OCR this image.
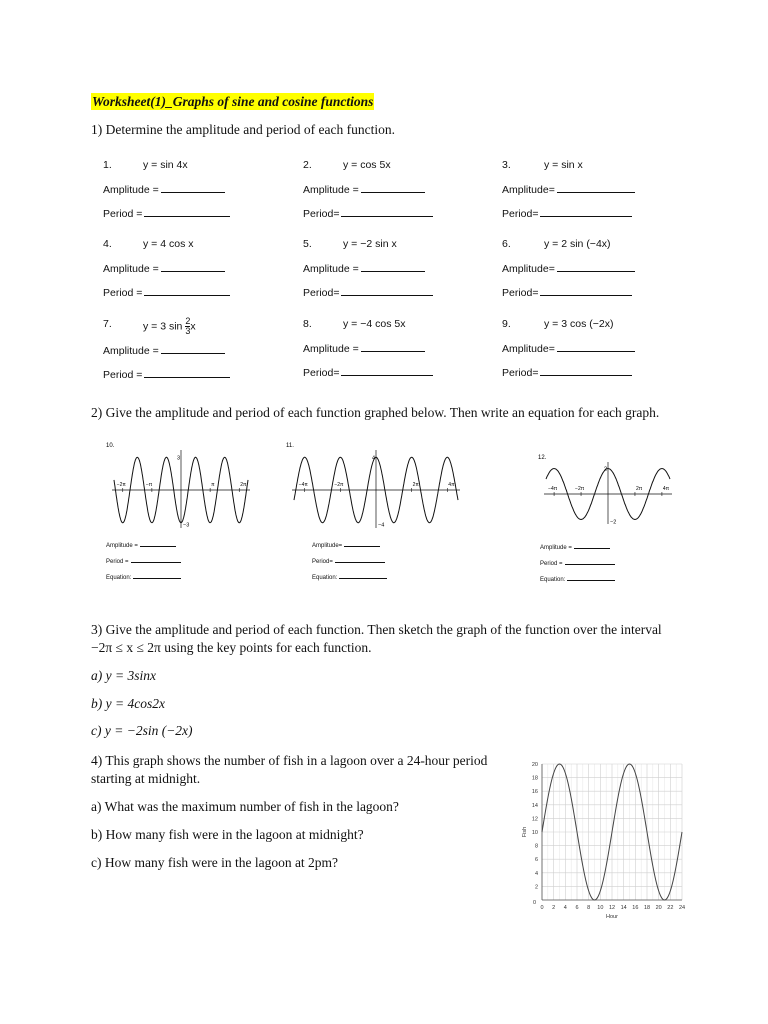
Worksheet(1)_Graphs of sine and cosine functions
1) Determine the amplitude and period of each function.
1.	y = sin 4x
Amplitude =
Period =
2.	y = cos 5x
Amplitude =
Period=
3.	y = sin x
Amplitude=
Period=
4.	y = 4 cos x
Amplitude =
Period =
5.	y = −2 sin x
Amplitude =
Period=
6.	y = 2 sin (−4x)
Amplitude=
Period=
7.	y = 3 $\sin \frac{2}{3}$ x
Amplitude =
Period =
8.	y = −4 cos 5x
Amplitude =
Period=
9.	y = 3 cos (−2x)
Amplitude=
Period=
2) Give the amplitude and period of each function graphed below. Then write an equation for each graph.
10.
−2π	−π	π	2π
3
−3
Amplitude =
Period =
Equation:
11.
−4π	−2π	2π	4π
4
−4
Amplitude=
Period=
Equation:
12.
−4π	−2π	2π	4π
2
−2
Amplitude =
Period =
Equation:
3) Give the amplitude and period of each function. Then sketch the graph of the function over the interval
−2π ≤ x ≤ 2π using the key points for each function.
a) y = 3sinx
b) y = 4cos2x
c) y = −2sin (−2x)
4) This graph shows the number of fish in a lagoon over a 24-hour period
starting at midnight.
a) What was the maximum number of fish in the lagoon?
b) How many fish were in the lagoon at midnight?
c) How many fish were in the lagoon at 2pm?
0 2 4 6 8 10 12 14 16 18 20 22 24
2
4
6
8
10
12
14
16
18
20
0
Hour
Fish
